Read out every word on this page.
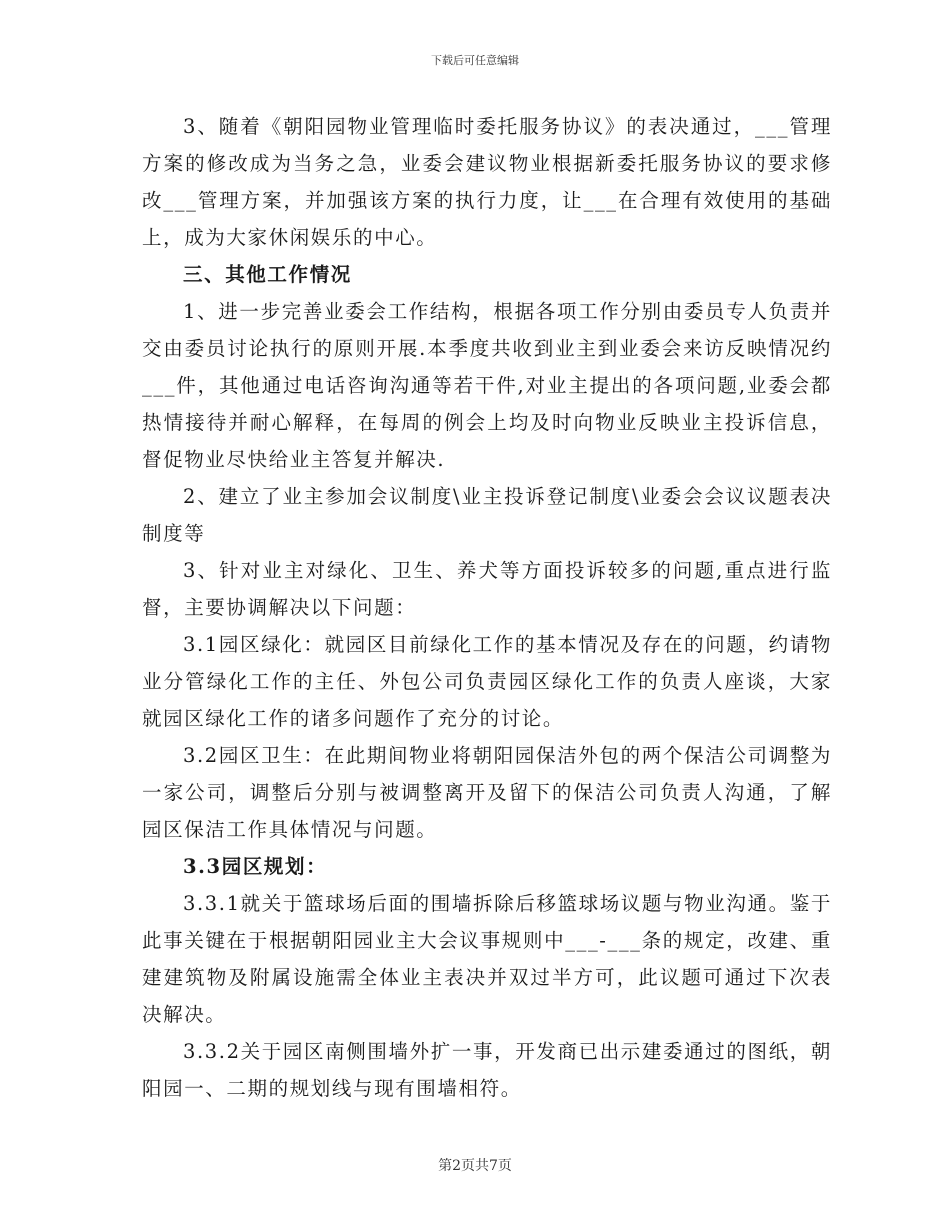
下载后可任意编辑

3、随着《朝阳园物业管理临时委托服务协议》的表决通过，___管理方案的修改成为当务之急，业委会建议物业根据新委托服务协议的要求修改___管理方案，并加强该方案的执行力度，让___在合理有效使用的基础上，成为大家休闲娱乐的中心。

三、其他工作情况

1、进一步完善业委会工作结构，根据各项工作分别由委员专人负责并交由委员讨论执行的原则开展.本季度共收到业主到业委会来访反映情况约___件，其他通过电话咨询沟通等若干件,对业主提出的各项问题,业委会都热情接待并耐心解释，在每周的例会上均及时向物业反映业主投诉信息，督促物业尽快给业主答复并解决.

2、建立了业主参加会议制度\业主投诉登记制度\业委会会议议题表决制度等

3、针对业主对绿化、卫生、养犬等方面投诉较多的问题,重点进行监督，主要协调解决以下问题：

3.1园区绿化：就园区目前绿化工作的基本情况及存在的问题，约请物业分管绿化工作的主任、外包公司负责园区绿化工作的负责人座谈，大家就园区绿化工作的诸多问题作了充分的讨论。

3.2园区卫生：在此期间物业将朝阳园保洁外包的两个保洁公司调整为一家公司，调整后分别与被调整离开及留下的保洁公司负责人沟通，了解园区保洁工作具体情况与问题。

3.3园区规划：

3.3.1就关于篮球场后面的围墙拆除后移篮球场议题与物业沟通。鉴于此事关键在于根据朝阳园业主大会议事规则中___-___条的规定，改建、重建建筑物及附属设施需全体业主表决并双过半方可，此议题可通过下次表决解决。

3.3.2关于园区南侧围墙外扩一事，开发商已出示建委通过的图纸，朝阳园一、二期的规划线与现有围墙相符。

第2页共7页
